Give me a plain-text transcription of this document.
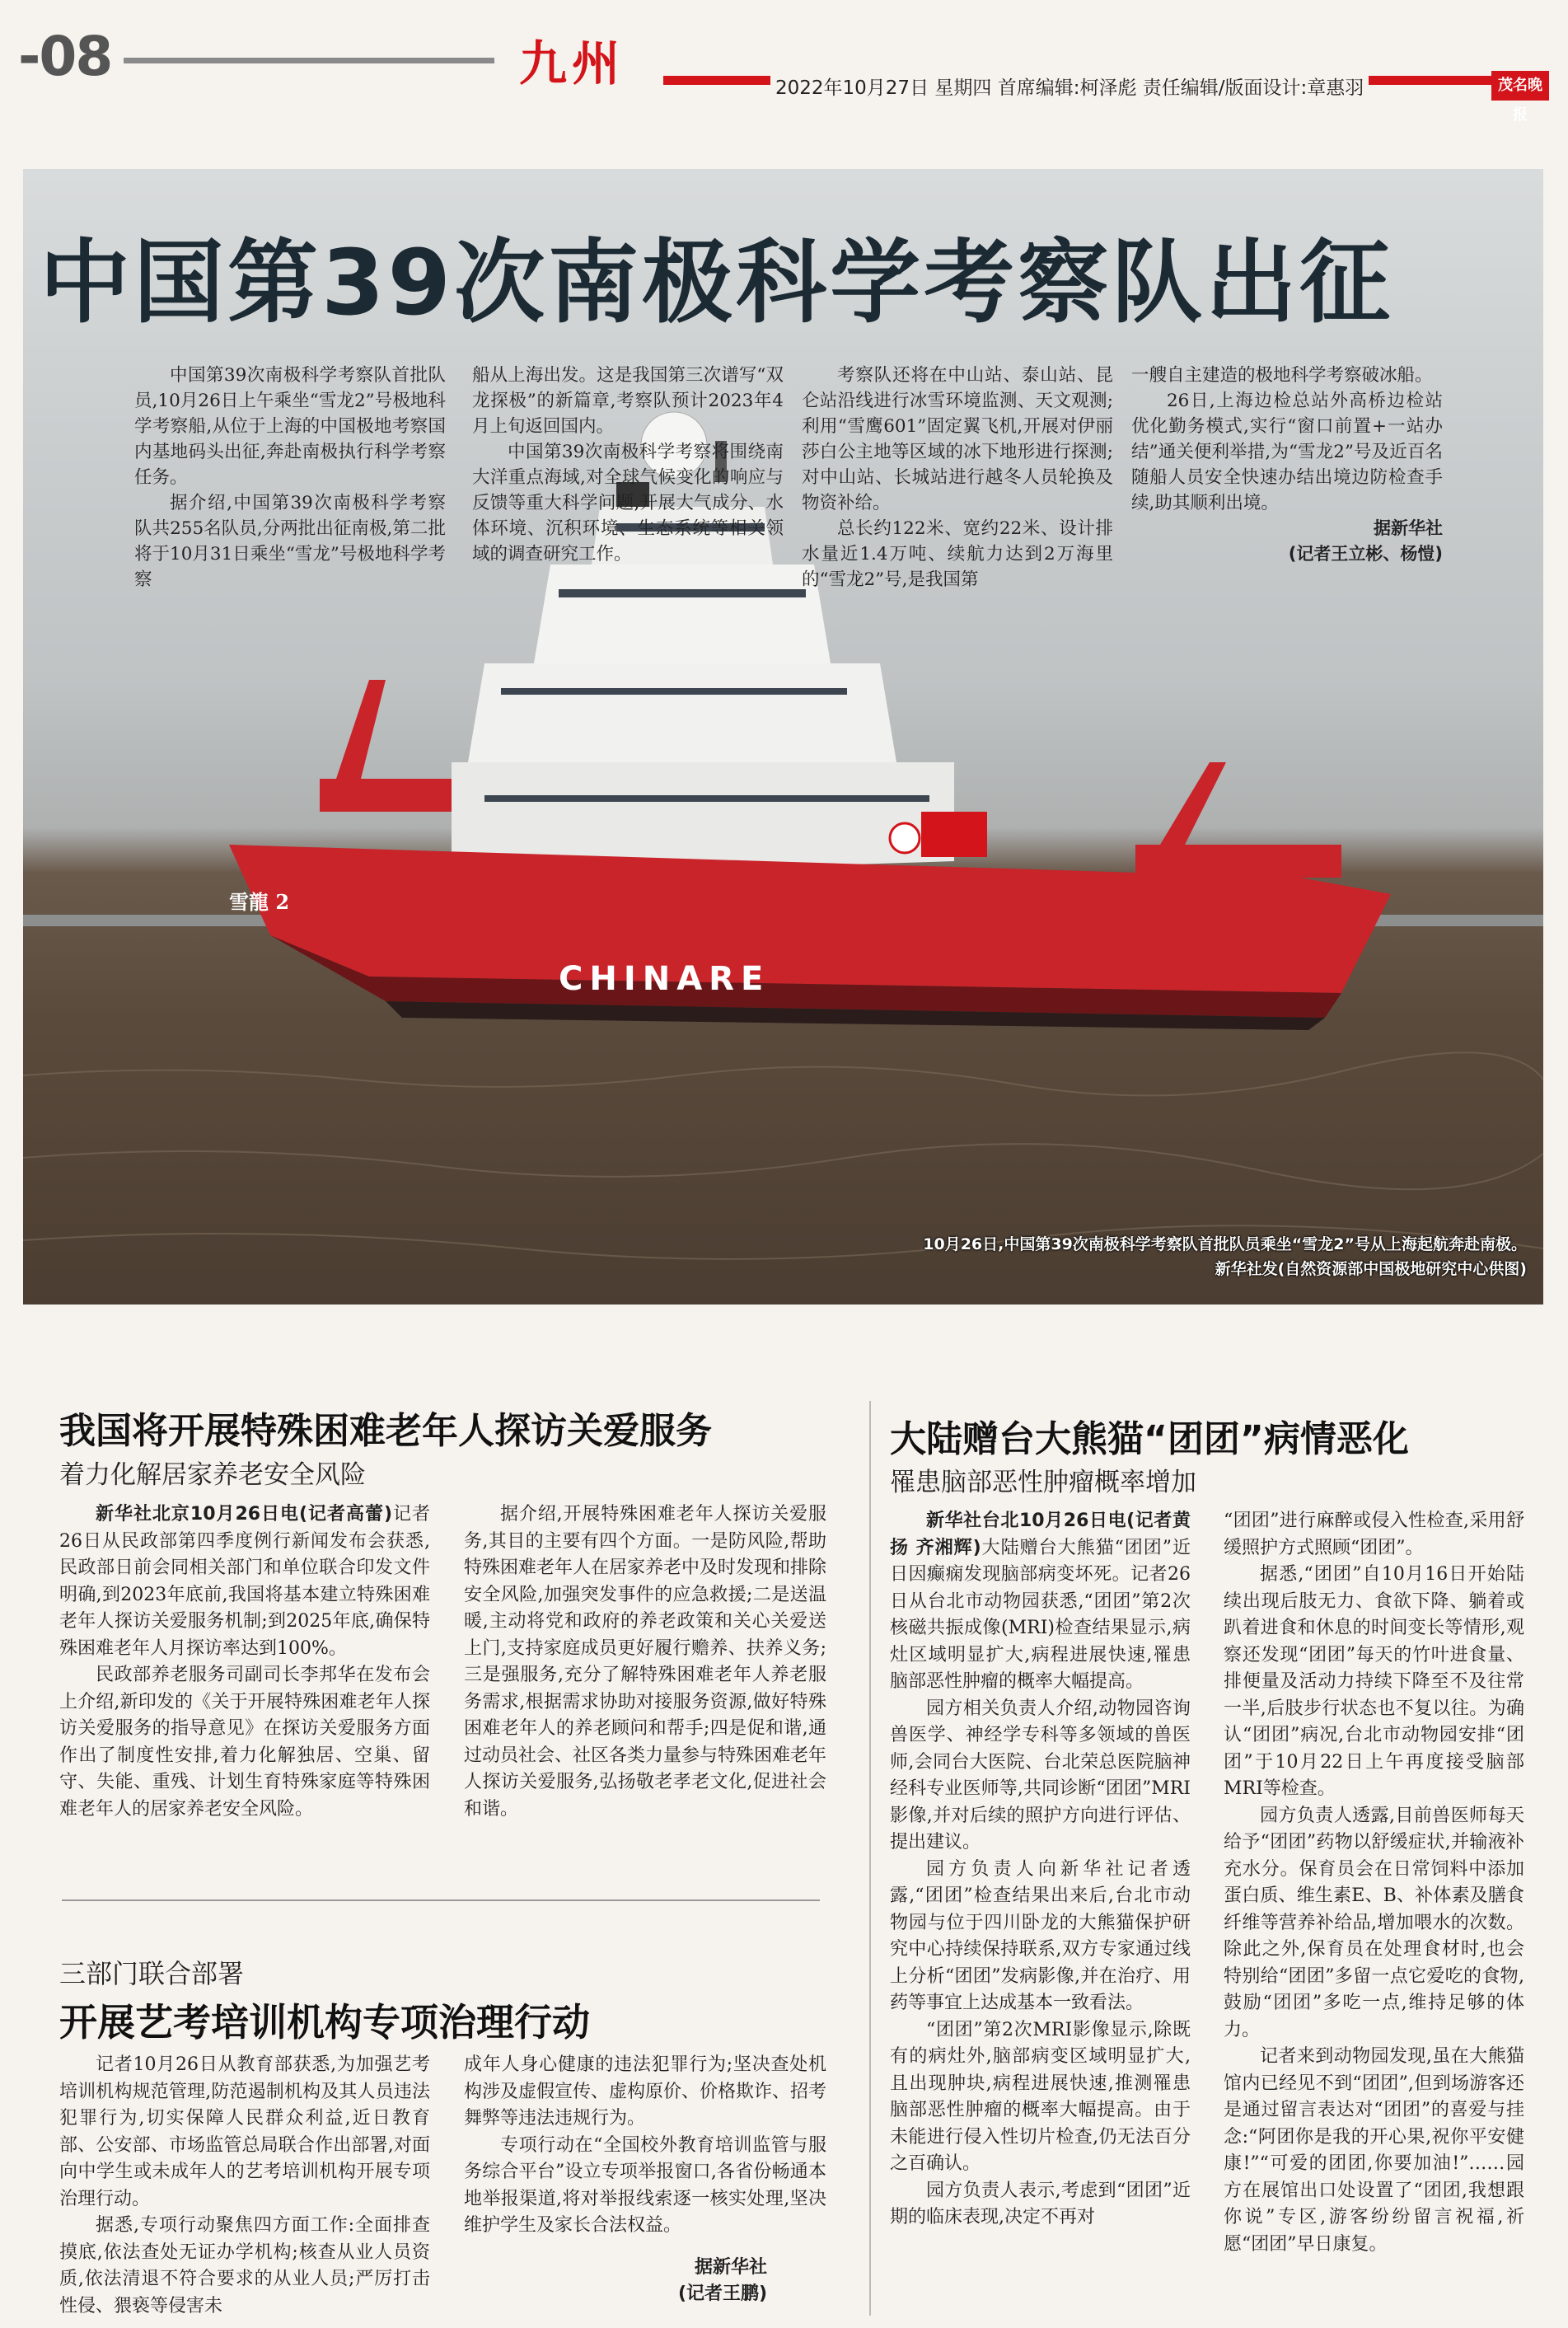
-08	九州	2022年10月27日 星期四 首席编辑:柯泽彪 责任编辑/版面设计:章惠羽	茂名晚报
中国第39次南极科学考察队出征

中国第39次南极科学考察队首批队员,10月26日上午乘坐“雪龙2”号极地科学考察船,从位于上海的中国极地考察国内基地码头出征,奔赴南极执行科学考察任务。

据介绍,中国第39次南极科学考察队共255名队员,分两批出征南极,第二批将于10月31日乘坐“雪龙”号极地科学考察

船从上海出发。这是我国第三次谱写“双龙探极”的新篇章,考察队预计2023年4月上旬返回国内。

中国第39次南极科学考察将围绕南大洋重点海域,对全球气候变化的响应与反馈等重大科学问题,开展大气成分、水体环境、沉积环境、生态系统等相关领域的调查研究工作。

考察队还将在中山站、泰山站、昆仑站沿线进行冰雪环境监测、天文观测;利用“雪鹰601”固定翼飞机,开展对伊丽莎白公主地等区域的冰下地形进行探测;对中山站、长城站进行越冬人员轮换及物资补给。

总长约122米、宽约22米、设计排水量近1.4万吨、续航力达到2万海里的“雪龙2”号,是我国第

一艘自主建造的极地科学考察破冰船。

26日,上海边检总站外高桥边检站优化勤务模式,实行“窗口前置+一站办结”通关便利举措,为“雪龙2”号及近百名随船人员安全快速办结出境边防检查手续,助其顺利出境。

据新华社
(记者王立彬、杨愷)
CHINARE
雪龍 2
10月26日,中国第39次南极科学考察队首批队员乘坐“雪龙2”号从上海起航奔赴南极。
新华社发(自然资源部中国极地研究中心供图)
我国将开展特殊困难老年人探访关爱服务
着力化解居家养老安全风险

新华社北京10月26日电(记者高蕾)记者26日从民政部第四季度例行新闻发布会获悉,民政部日前会同相关部门和单位联合印发文件明确,到2023年底前,我国将基本建立特殊困难老年人探访关爱服务机制;到2025年底,确保特殊困难老年人月探访率达到100%。

民政部养老服务司副司长李邦华在发布会上介绍,新印发的《关于开展特殊困难老年人探访关爱服务的指导意见》在探访关爱服务方面作出了制度性安排,着力化解独居、空巢、留守、失能、重残、计划生育特殊家庭等特殊困难老年人的居家养老安全风险。

据介绍,开展特殊困难老年人探访关爱服务,其目的主要有四个方面。一是防风险,帮助特殊困难老年人在居家养老中及时发现和排除安全风险,加强突发事件的应急救援;二是送温暖,主动将党和政府的养老政策和关心关爱送上门,支持家庭成员更好履行赡养、扶养义务;三是强服务,充分了解特殊困难老年人养老服务需求,根据需求协助对接服务资源,做好特殊困难老年人的养老顾问和帮手;四是促和谐,通过动员社会、社区各类力量参与特殊困难老年人探访关爱服务,弘扬敬老孝老文化,促进社会和谐。

三部门联合部署
开展艺考培训机构专项治理行动

记者10月26日从教育部获悉,为加强艺考培训机构规范管理,防范遏制机构及其人员违法犯罪行为,切实保障人民群众利益,近日教育部、公安部、市场监管总局联合作出部署,对面向中学生或未成年人的艺考培训机构开展专项治理行动。

据悉,专项行动聚焦四方面工作:全面排查摸底,依法查处无证办学机构;核查从业人员资质,依法清退不符合要求的从业人员;严厉打击性侵、猥亵等侵害未

成年人身心健康的违法犯罪行为;坚决查处机构涉及虚假宣传、虚构原价、价格欺诈、招考舞弊等违法违规行为。

专项行动在“全国校外教育培训监管与服务综合平台”设立专项举报窗口,各省份畅通本地举报渠道,将对举报线索逐一核实处理,坚决维护学生及家长合法权益。

据新华社
(记者王鹏)
大陆赠台大熊猫“团团”病情恶化
罹患脑部恶性肿瘤概率增加

新华社台北10月26日电(记者黄扬 齐湘辉)大陆赠台大熊猫“团团”近日因癫痫发现脑部病变坏死。记者26日从台北市动物园获悉,“团团”第2次核磁共振成像(MRI)检查结果显示,病灶区域明显扩大,病程进展快速,罹患脑部恶性肿瘤的概率大幅提高。

园方相关负责人介绍,动物园咨询兽医学、神经学专科等多领域的兽医师,会同台大医院、台北荣总医院脑神经科专业医师等,共同诊断“团团”MRI影像,并对后续的照护方向进行评估、提出建议。

园方负责人向新华社记者透露,“团团”检查结果出来后,台北市动物园与位于四川卧龙的大熊猫保护研究中心持续保持联系,双方专家通过线上分析“团团”发病影像,并在治疗、用药等事宜上达成基本一致看法。

“团团”第2次MRI影像显示,除既有的病灶外,脑部病变区域明显扩大,且出现肿块,病程进展快速,推测罹患脑部恶性肿瘤的概率大幅提高。由于未能进行侵入性切片检查,仍无法百分之百确认。

园方负责人表示,考虑到“团团”近期的临床表现,决定不再对

“团团”进行麻醉或侵入性检查,采用舒缓照护方式照顾“团团”。

据悉,“团团”自10月16日开始陆续出现后肢无力、食欲下降、躺着或趴着进食和休息的时间变长等情形,观察还发现“团团”每天的竹叶进食量、排便量及活动力持续下降至不及往常一半,后肢步行状态也不复以往。为确认“团团”病况,台北市动物园安排“团团”于10月22日上午再度接受脑部MRI等检查。

园方负责人透露,目前兽医师每天给予“团团”药物以舒缓症状,并输液补充水分。保育员会在日常饲料中添加蛋白质、维生素E、B、补体素及膳食纤维等营养补给品,增加喂水的次数。除此之外,保育员在处理食材时,也会特别给“团团”多留一点它爱吃的食物,鼓励“团团”多吃一点,维持足够的体力。

记者来到动物园发现,虽在大熊猫馆内已经见不到“团团”,但到场游客还是通过留言表达对“团团”的喜爱与挂念:“阿团你是我的开心果,祝你平安健康!”“可爱的团团,你要加油!”……园方在展馆出口处设置了“团团,我想跟你说”专区,游客纷纷留言祝福,祈愿“团团”早日康复。
